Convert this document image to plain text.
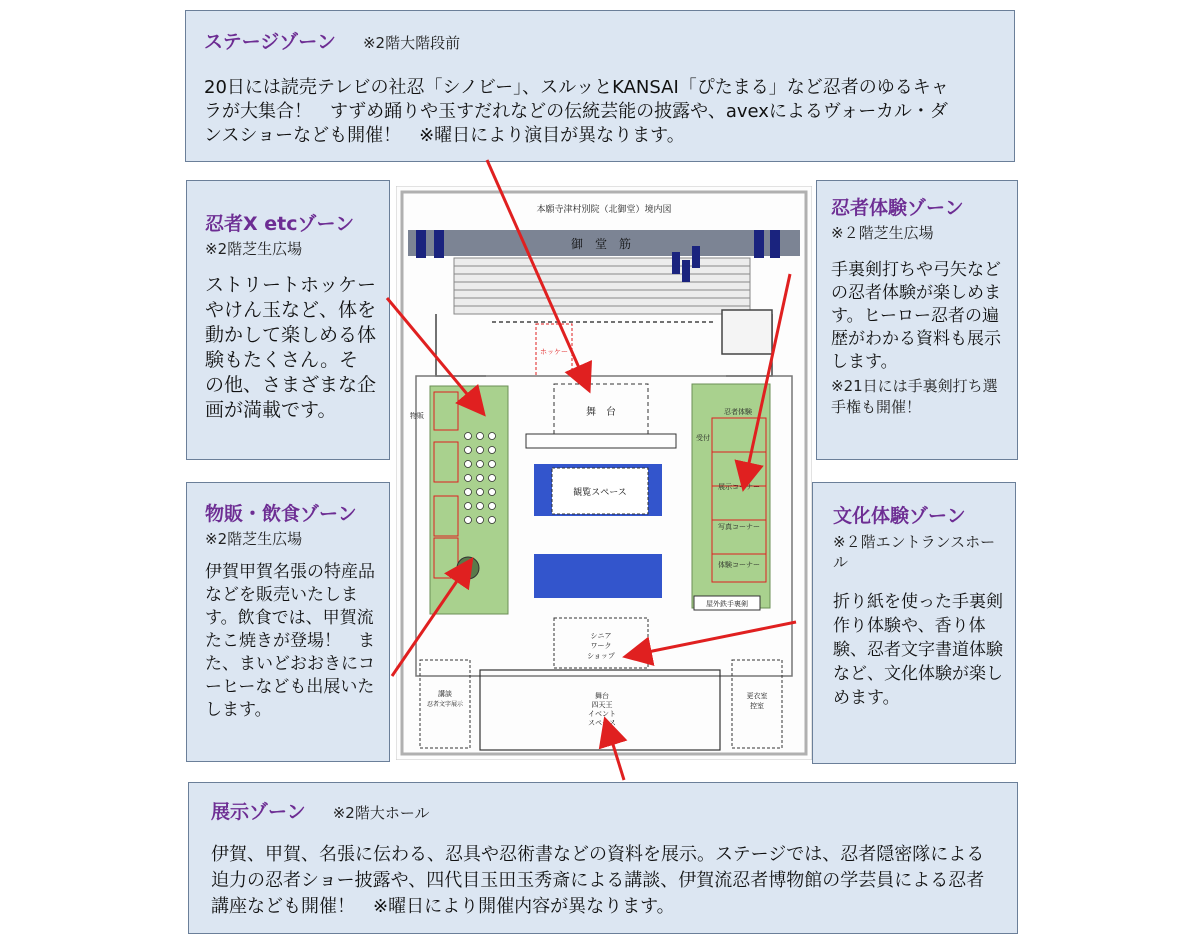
本願寺津村別院（北御堂）境内図
御　堂　筋
ホッケー
物販	舞　台
観覧スペース
受付
忍者体験
展示コーナー
写真コーナー
体験コーナー
屋外鉄手裏剣
シニア
ワーク
ショップ
講談
忍者文字展示
舞台
四天王
イベント
スペース
更衣室
控室
ステージゾーン ※2階大階段前
20日には読売テレビの社忍「シノビー」、スルッとKANSAI「ぴたまる」など忍者のゆるキャラが大集合！　すずめ踊りや玉すだれなどの伝統芸能の披露や、avexによるヴォーカル・ダンスショーなども開催！　※曜日により演目が異なります。
忍者X etcゾーン
※2階芝生広場
ストリートホッケーやけん玉など、体を動かして楽しめる体験もたくさん。その他、さまざまな企画が満載です。
物販・飲食ゾーン
※2階芝生広場
伊賀甲賀名張の特産品などを販売いたします。飲食では、甲賀流たこ焼きが登場！　また、まいどおおきにコーヒーなども出展いたします。
忍者体験ゾーン
※２階芝生広場
手裏剣打ちや弓矢などの忍者体験が楽しめます。ヒーロー忍者の遍歴がわかる資料も展示します。
※21日には手裏剣打ち選手権も開催！
文化体験ゾーン
※２階エントランスホール
折り紙を使った手裏剣作り体験や、香り体験、忍者文字書道体験など、文化体験が楽しめます。
展示ゾーン ※2階大ホール
伊賀、甲賀、名張に伝わる、忍具や忍術書などの資料を展示。ステージでは、忍者隠密隊による迫力の忍者ショー披露や、四代目玉田玉秀斎による講談、伊賀流忍者博物館の学芸員による忍者講座なども開催！　※曜日により開催内容が異なります。
